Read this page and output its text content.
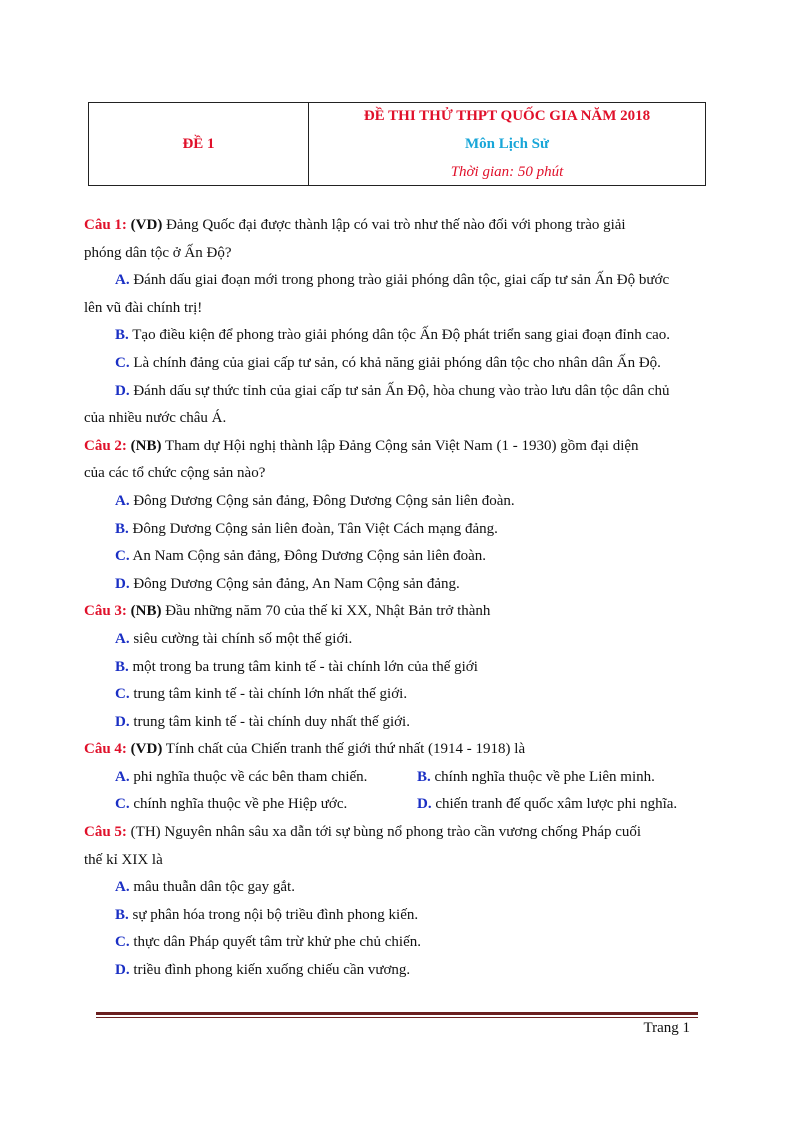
ĐỀ 1
ĐỀ THI THỬ THPT QUỐC GIA NĂM 2018
Môn Lịch Sử
Thời gian: 50 phút

Câu 1: (VD) Đảng Quốc đại được thành lập có vai trò như thế nào đối với phong trào giải

phóng dân tộc ở Ấn Độ?

A. Đánh dấu giai đoạn mới trong phong trào giải phóng dân tộc, giai cấp tư sản Ấn Độ bước

lên vũ đài chính trị!

B. Tạo điều kiện để phong trào giải phóng dân tộc Ấn Độ phát triển sang giai đoạn đỉnh cao.

C. Là chính đảng của giai cấp tư sản, có khả năng giải phóng dân tộc cho nhân dân Ấn Độ.

D. Đánh dấu sự thức tỉnh của giai cấp tư sản Ấn Độ, hòa chung vào trào lưu dân tộc dân chủ

của nhiều nước châu Á.

Câu 2: (NB) Tham dự Hội nghị thành lập Đảng Cộng sản Việt Nam (1 - 1930) gồm đại diện

của các tổ chức cộng sản nào?

A. Đông Dương Cộng sản đảng, Đông Dương Cộng sản liên đoàn.

B. Đông Dương Cộng sản liên đoàn, Tân Việt Cách mạng đảng.

C. An Nam Cộng sản đảng, Đông Dương Cộng sản liên đoàn.

D. Đông Dương Cộng sản đảng, An Nam Cộng sản đảng.

Câu 3: (NB) Đầu những năm 70 của thế kỉ XX, Nhật Bản trở thành

A. siêu cường tài chính số một thế giới.

B. một trong ba trung tâm kinh tế - tài chính lớn của thế giới

C. trung tâm kinh tế - tài chính lớn nhất thế giới.

D. trung tâm kinh tế - tài chính duy nhất thế giới.

Câu 4: (VD) Tính chất của Chiến tranh thế giới thứ nhất (1914 - 1918) là

A. phi nghĩa thuộc về các bên tham chiến.	B. chính nghĩa thuộc về phe Liên minh.
C. chính nghĩa thuộc về phe Hiệp ước.	D. chiến tranh đế quốc xâm lược phi nghĩa.

Câu 5: (TH) Nguyên nhân sâu xa dẫn tới sự bùng nổ phong trào cần vương chống Pháp cuối

thế kỉ XIX là

A. mâu thuẫn dân tộc gay gắt.

B. sự phân hóa trong nội bộ triều đình phong kiến.

C. thực dân Pháp quyết tâm trừ khử phe chủ chiến.

D. triều đình phong kiến xuống chiếu cần vương.

Trang 1
